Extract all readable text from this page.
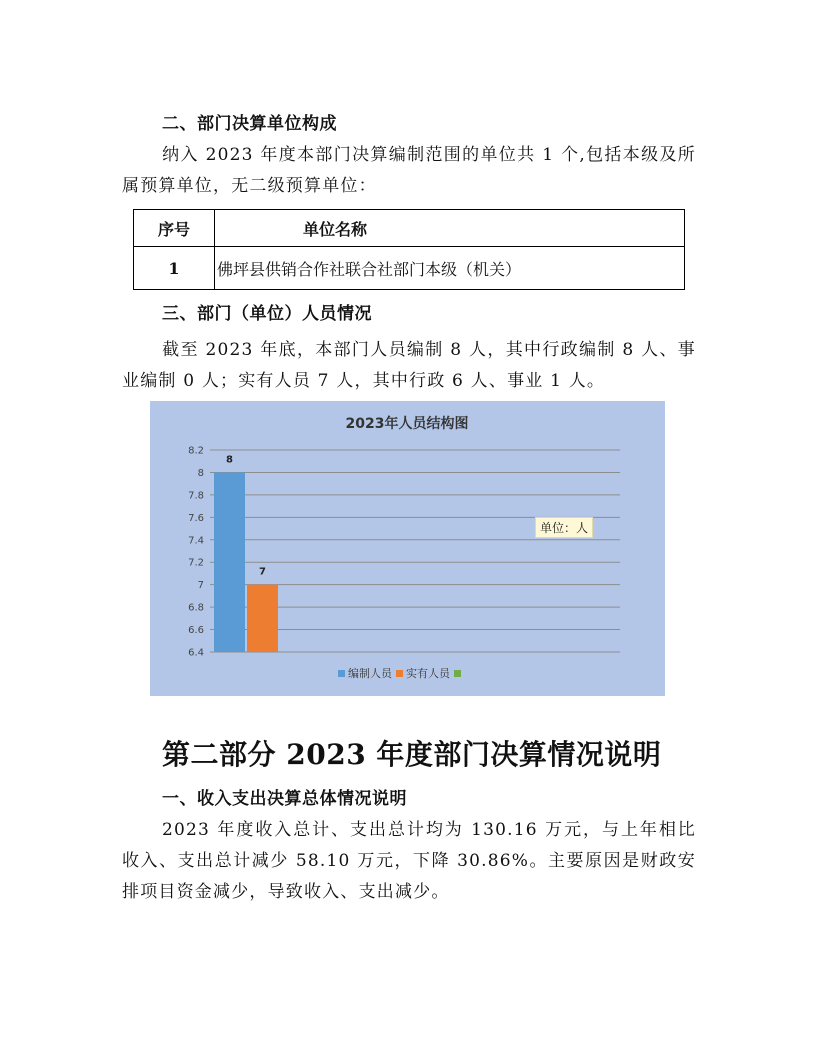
二、部门决算单位构成

纳入 2023 年度本部门决算编制范围的单位共 1 个,包括本级及所属预算单位，无二级预算单位：

序号	单位名称
1	佛坪县供销合作社联合社部门本级（机关）
三、部门（单位）人员情况

截至 2023 年底，本部门人员编制 8 人，其中行政编制 8 人、事业编制 0 人；实有人员 7 人，其中行政 6 人、事业 1 人。

2023年人员结构图
8.2
8
7.8
7.6
7.4
7.2
7
6.8
6.6
6.4
8
7
编制人员 实有人员
单位：人
第二部分 2023 年度部门决算情况说明
一、收入支出决算总体情况说明

2023 年度收入总计、支出总计均为 130.16 万元，与上年相比收入、支出总计减少 58.10 万元，下降 30.86%。主要原因是财政安排项目资金减少，导致收入、支出减少。
